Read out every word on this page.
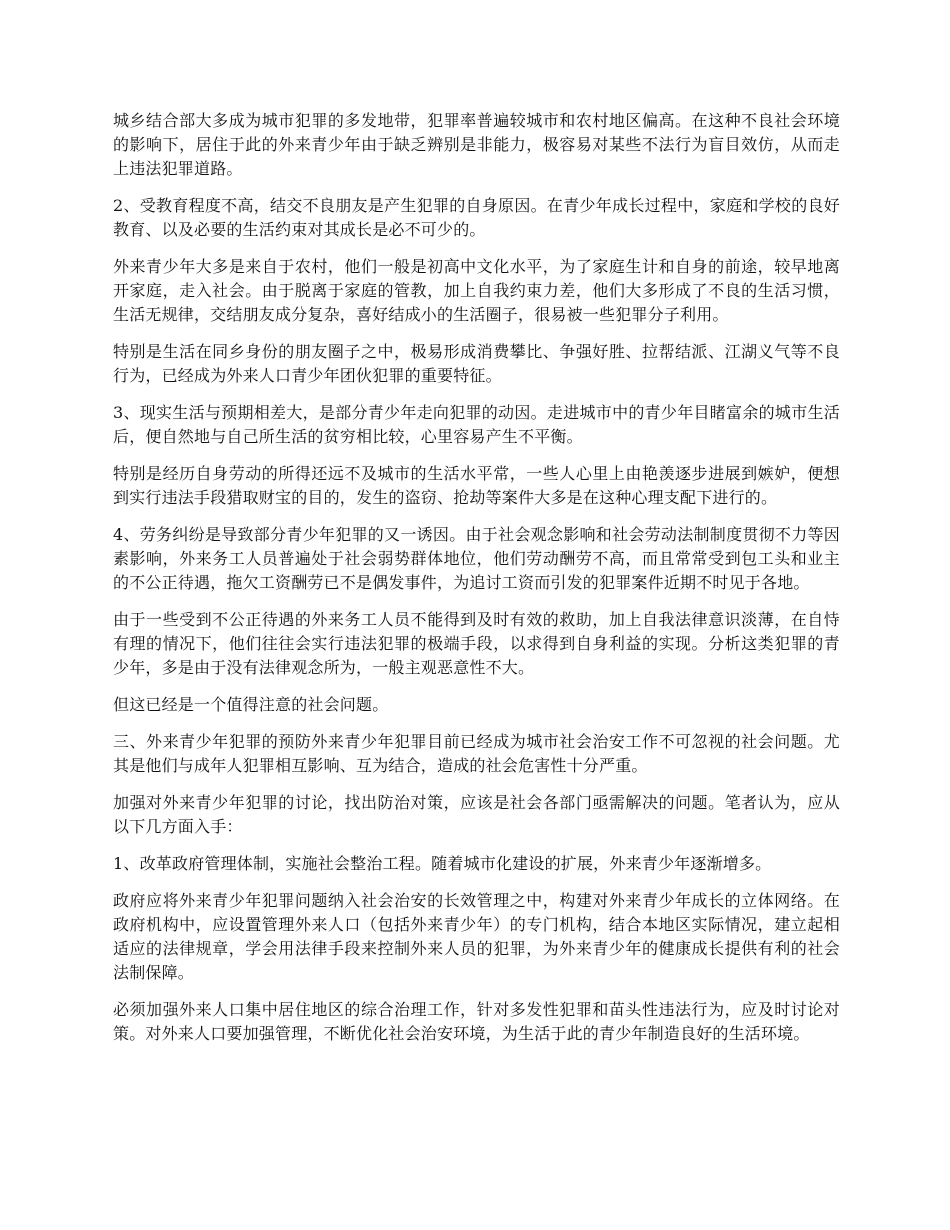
城乡结合部大多成为城市犯罪的多发地带，犯罪率普遍较城市和农村地区偏高。在这种不良社会环境的影响下，居住于此的外来青少年由于缺乏辨别是非能力，极容易对某些不法行为盲目效仿，从而走上违法犯罪道路。

2、受教育程度不高，结交不良朋友是产生犯罪的自身原因。在青少年成长过程中，家庭和学校的良好教育、以及必要的生活约束对其成长是必不可少的。

外来青少年大多是来自于农村，他们一般是初高中文化水平，为了家庭生计和自身的前途，较早地离开家庭，走入社会。由于脱离于家庭的管教，加上自我约束力差，他们大多形成了不良的生活习惯，生活无规律，交结朋友成分复杂，喜好结成小的生活圈子，很易被一些犯罪分子利用。

特别是生活在同乡身份的朋友圈子之中，极易形成消费攀比、争强好胜、拉帮结派、江湖义气等不良行为，已经成为外来人口青少年团伙犯罪的重要特征。

3、现实生活与预期相差大，是部分青少年走向犯罪的动因。走进城市中的青少年目睹富余的城市生活后，便自然地与自己所生活的贫穷相比较，心里容易产生不平衡。

特别是经历自身劳动的所得还远不及城市的生活水平常，一些人心里上由艳羡逐步进展到嫉妒，便想到实行违法手段猎取财宝的目的，发生的盗窃、抢劫等案件大多是在这种心理支配下进行的。

4、劳务纠纷是导致部分青少年犯罪的又一诱因。由于社会观念影响和社会劳动法制制度贯彻不力等因素影响，外来务工人员普遍处于社会弱势群体地位，他们劳动酬劳不高，而且常常受到包工头和业主的不公正待遇，拖欠工资酬劳已不是偶发事件，为追讨工资而引发的犯罪案件近期不时见于各地。

由于一些受到不公正待遇的外来务工人员不能得到及时有效的救助，加上自我法律意识淡薄，在自恃有理的情况下，他们往往会实行违法犯罪的极端手段，以求得到自身利益的实现。分析这类犯罪的青少年，多是由于没有法律观念所为，一般主观恶意性不大。

但这已经是一个值得注意的社会问题。

三、外来青少年犯罪的预防外来青少年犯罪目前已经成为城市社会治安工作不可忽视的社会问题。尤其是他们与成年人犯罪相互影响、互为结合，造成的社会危害性十分严重。

加强对外来青少年犯罪的讨论，找出防治对策，应该是社会各部门亟需解决的问题。笔者认为，应从以下几方面入手：

1、改革政府管理体制，实施社会整治工程。随着城市化建设的扩展，外来青少年逐渐增多。

政府应将外来青少年犯罪问题纳入社会治安的长效管理之中，构建对外来青少年成长的立体网络。在政府机构中，应设置管理外来人口（包括外来青少年）的专门机构，结合本地区实际情况，建立起相适应的法律规章，学会用法律手段来控制外来人员的犯罪，为外来青少年的健康成长提供有利的社会法制保障。

必须加强外来人口集中居住地区的综合治理工作，针对多发性犯罪和苗头性违法行为，应及时讨论对策。对外来人口要加强管理，不断优化社会治安环境，为生活于此的青少年制造良好的生活环境。
